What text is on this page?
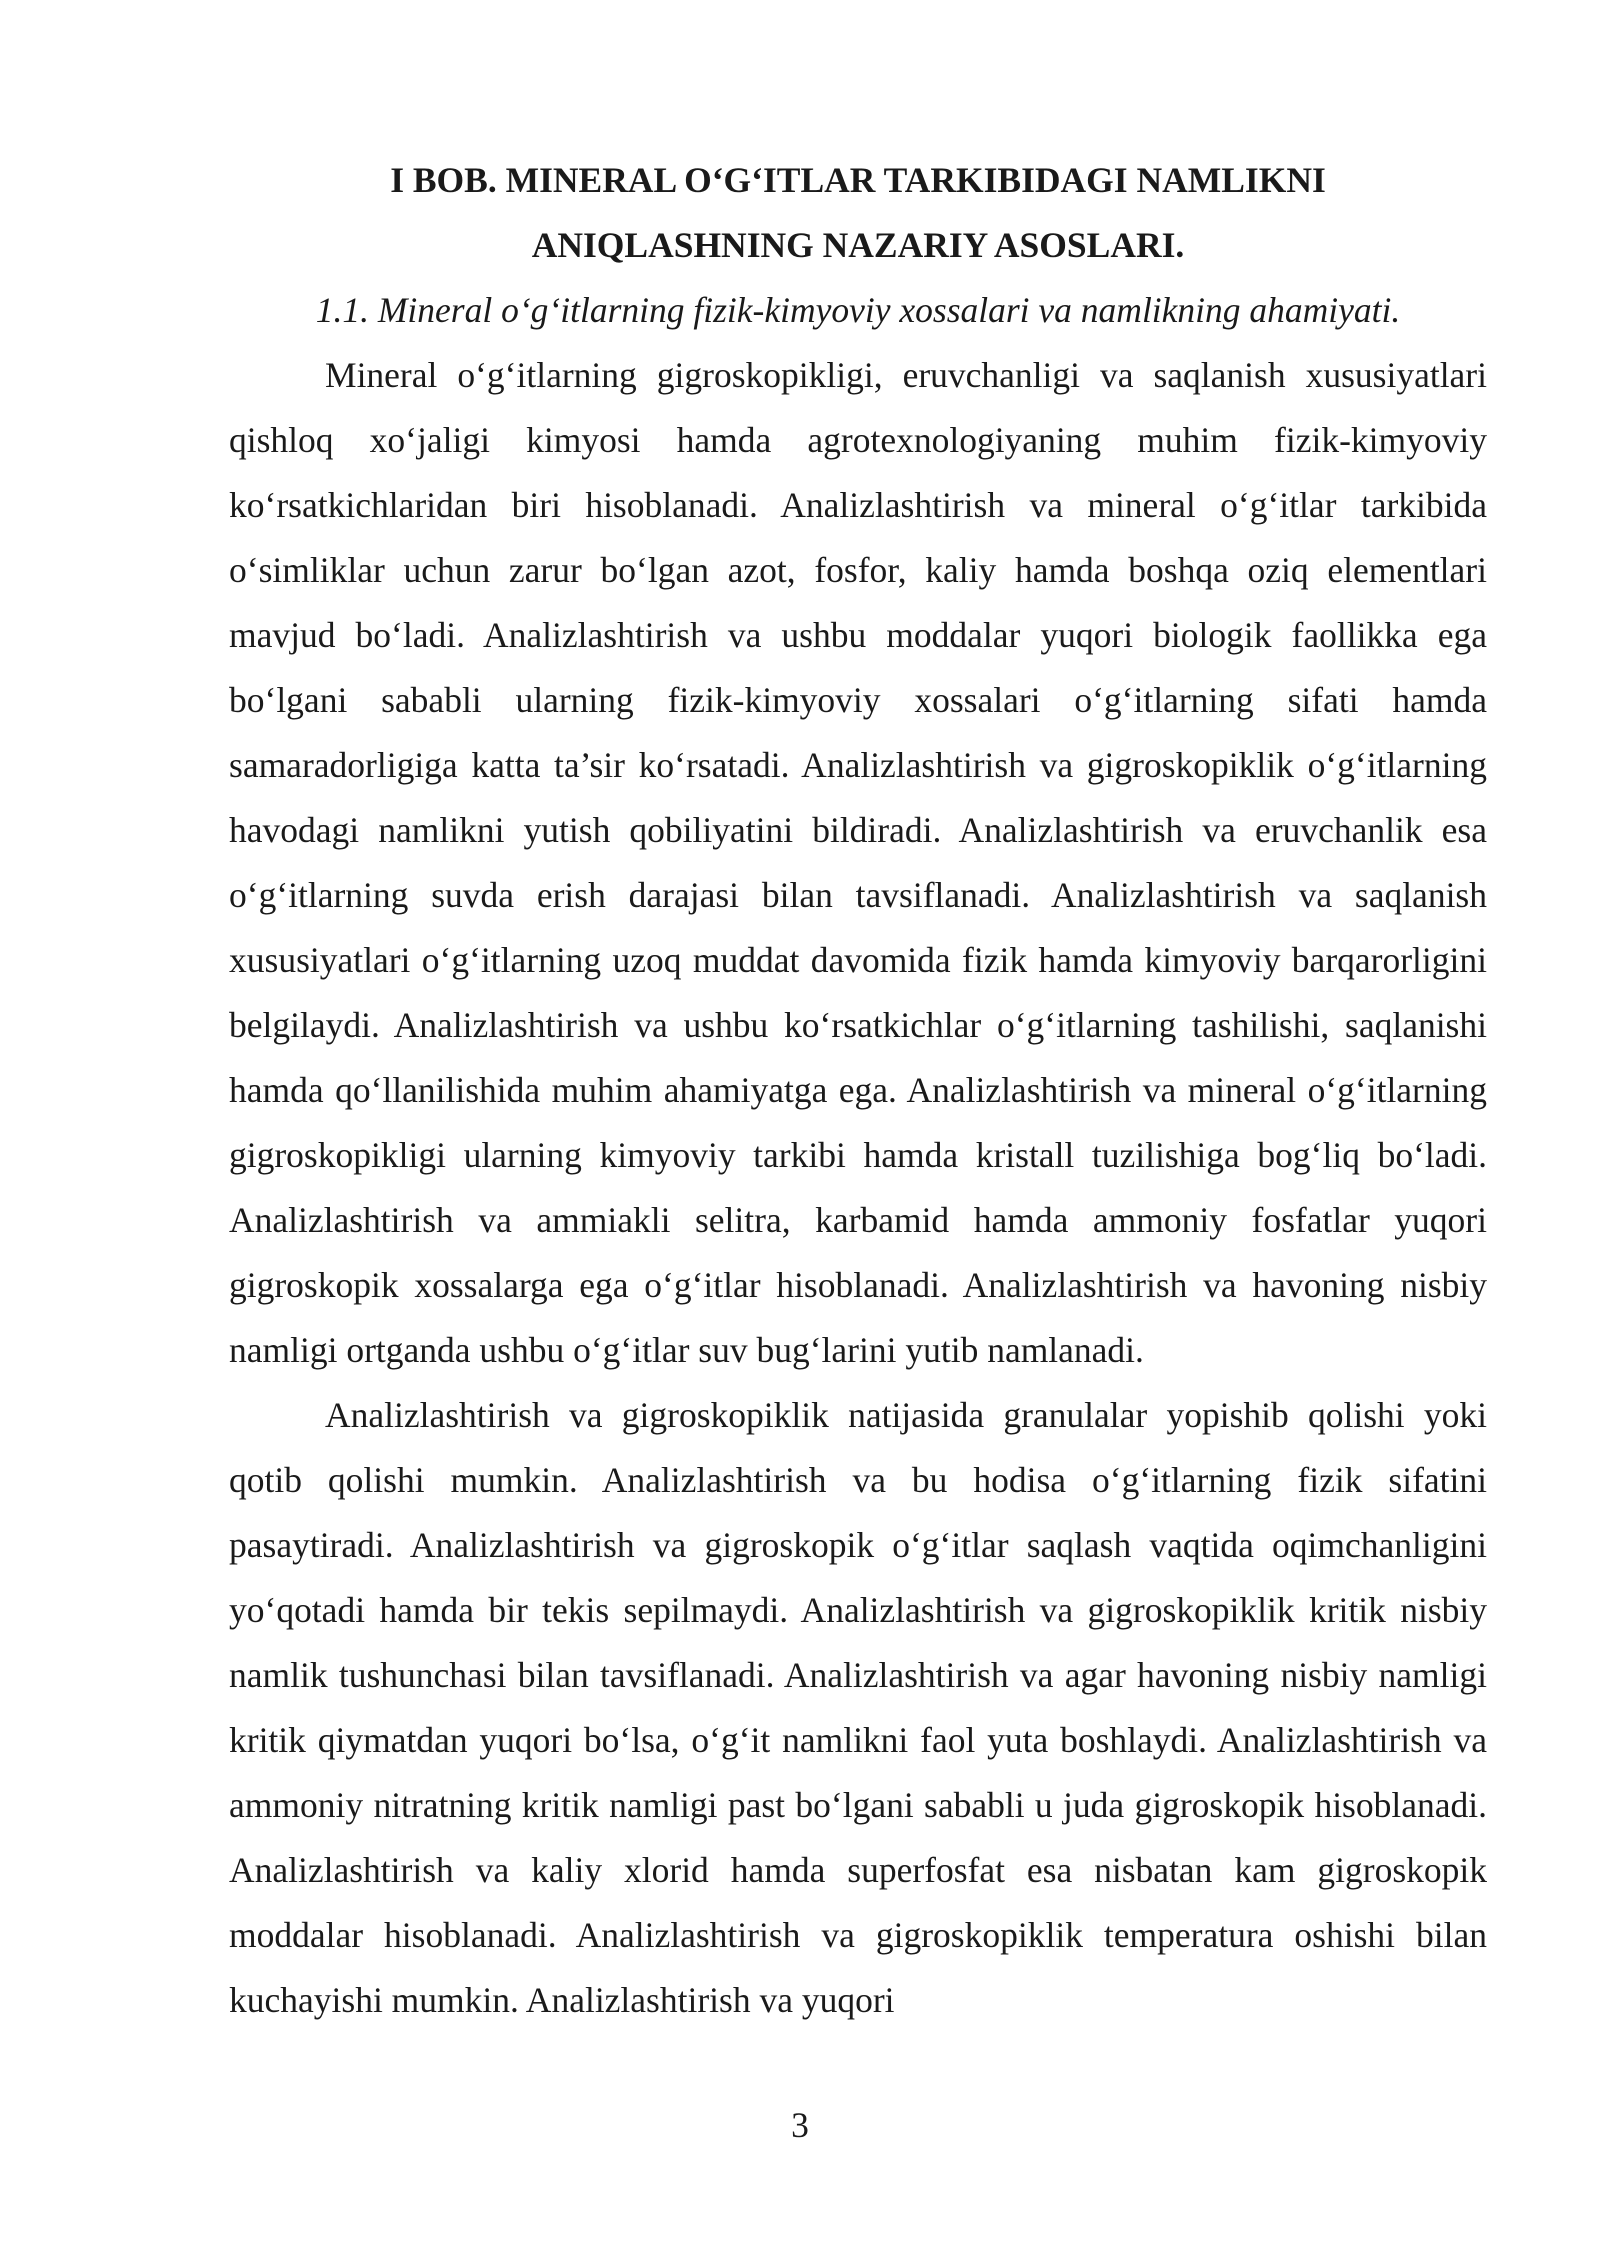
I BOB. MINERAL O‘G‘ITLAR TARKIBIDAGI NAMLIKNI

ANIQLASHNING NAZARIY ASOSLARI.

1.1. Mineral o‘g‘itlarning fizik-kimyoviy xossalari va namlikning ahamiyati.

Mineral o‘g‘itlarning gigroskopikligi, eruvchanligi va saqlanish xususiyatlari qishloq xo‘jaligi kimyosi hamda agrotexnologiyaning muhim fizik-kimyoviy ko‘rsatkichlaridan biri hisoblanadi. Analizlashtirish va mineral o‘g‘itlar tarkibida o‘simliklar uchun zarur bo‘lgan azot, fosfor, kaliy hamda boshqa oziq elementlari mavjud bo‘ladi. Analizlashtirish va ushbu moddalar yuqori biologik faollikka ega bo‘lgani sababli ularning fizik-kimyoviy xossalari o‘g‘itlarning sifati hamda samaradorligiga katta ta’sir ko‘rsatadi. Analizlashtirish va gigroskopiklik o‘g‘itlarning havodagi namlikni yutish qobiliyatini bildiradi. Analizlashtirish va eruvchanlik esa o‘g‘itlarning suvda erish darajasi bilan tavsiflanadi. Analizlashtirish va saqlanish xususiyatlari o‘g‘itlarning uzoq muddat davomida fizik hamda kimyoviy barqarorligini belgilaydi. Analizlashtirish va ushbu ko‘rsatkichlar o‘g‘itlarning tashilishi, saqlanishi hamda qo‘llanilishida muhim ahamiyatga ega. Analizlashtirish va mineral o‘g‘itlarning gigroskopikligi ularning kimyoviy tarkibi hamda kristall tuzilishiga bog‘liq bo‘ladi. Analizlashtirish va ammiakli selitra, karbamid hamda ammoniy fosfatlar yuqori gigroskopik xossalarga ega o‘g‘itlar hisoblanadi. Analizlashtirish va havoning nisbiy namligi ortganda ushbu o‘g‘itlar suv bug‘larini yutib namlanadi.

Analizlashtirish va gigroskopiklik natijasida granulalar yopishib qolishi yoki qotib qolishi mumkin. Analizlashtirish va bu hodisa o‘g‘itlarning fizik sifatini pasaytiradi. Analizlashtirish va gigroskopik o‘g‘itlar saqlash vaqtida oqimchanligini yo‘qotadi hamda bir tekis sepilmaydi. Analizlashtirish va gigroskopiklik kritik nisbiy namlik tushunchasi bilan tavsiflanadi. Analizlashtirish va agar havoning nisbiy namligi kritik qiymatdan yuqori bo‘lsa, o‘g‘it namlikni faol yuta boshlaydi. Analizlashtirish va ammoniy nitratning kritik namligi past bo‘lgani sababli u juda gigroskopik hisoblanadi. Analizlashtirish va kaliy xlorid hamda superfosfat esa nisbatan kam gigroskopik moddalar hisoblanadi. Analizlashtirish va gigroskopiklik temperatura oshishi bilan kuchayishi mumkin. Analizlashtirish va yuqori

3
